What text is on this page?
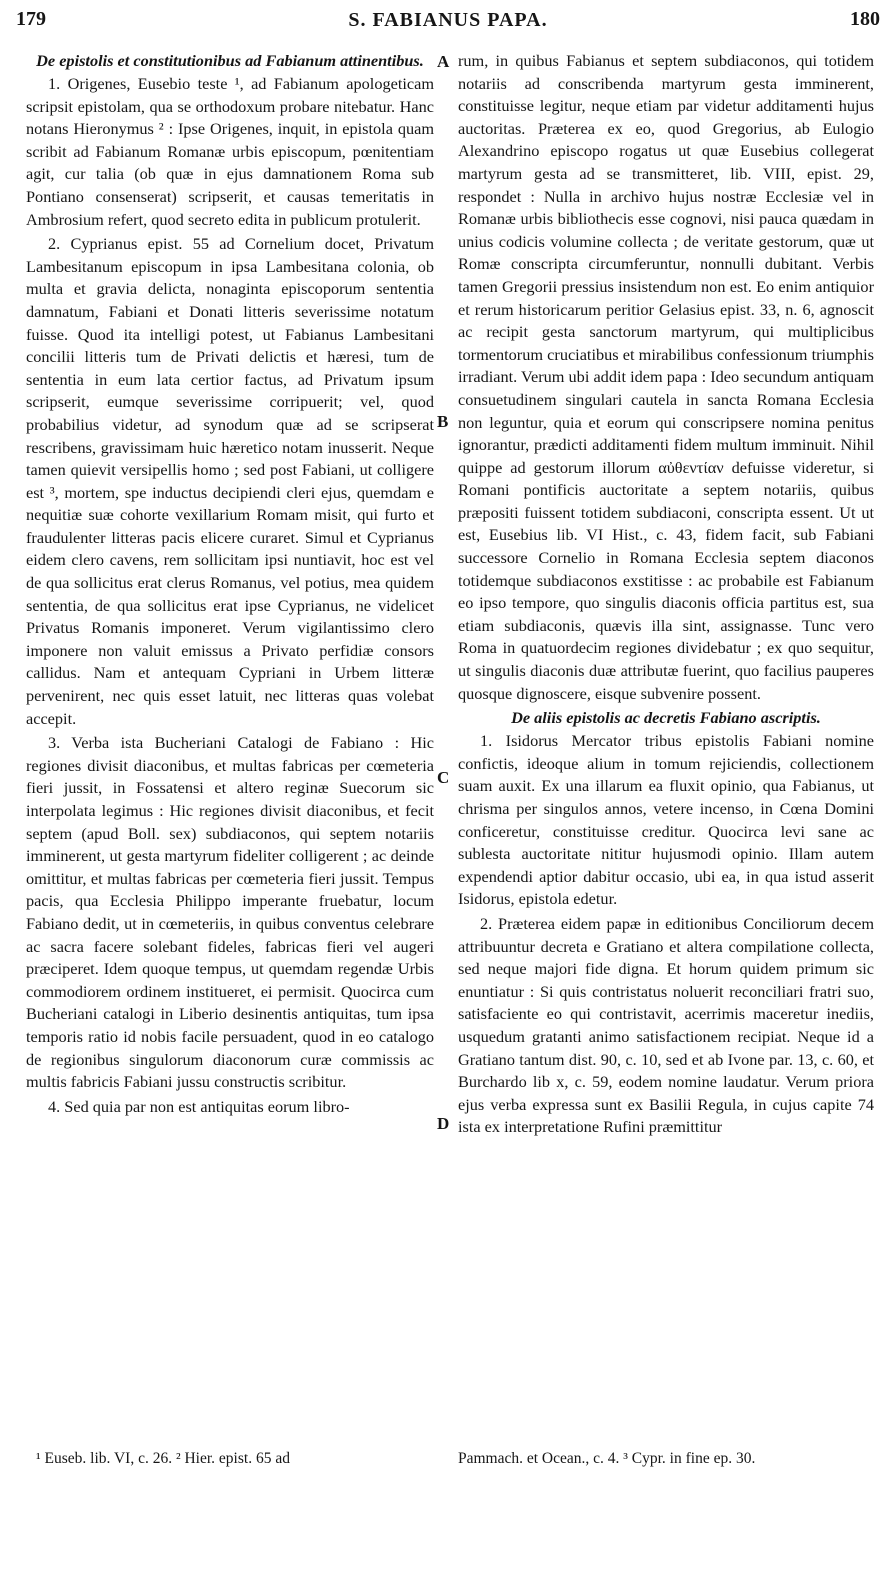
179	S. FABIANUS PAPA.	180
A
B
C
D
De epistolis et constitutionibus ad Fabianum attinentibus.

1. Origenes, Eusebio teste ¹, ad Fabianum apologeticam scripsit epistolam, qua se orthodoxum probare nitebatur. Hanc notans Hieronymus ² : Ipse Origenes, inquit, in epistola quam scribit ad Fabianum Romanæ urbis episcopum, pœnitentiam agit, cur talia (ob quæ in ejus damnationem Roma sub Pontiano consenserat) scripserit, et causas temeritatis in Ambrosium refert, quod secreto edita in publicum protulerit.

2. Cyprianus epist. 55 ad Cornelium docet, Privatum Lambesitanum episcopum in ipsa Lambesitana colonia, ob multa et gravia delicta, nonaginta episcoporum sententia damnatum, Fabiani et Donati litteris severissime notatum fuisse. Quod ita intelligi potest, ut Fabianus Lambesitani concilii litteris tum de Privati delictis et hæresi, tum de sententia in eum lata certior factus, ad Privatum ipsum scripserit, eumque severissime corripuerit; vel, quod probabilius videtur, ad synodum quæ ad se scripserat rescribens, gravissimam huic hæretico notam inusserit. Neque tamen quievit versipellis homo ; sed post Fabiani, ut colligere est ³, mortem, spe inductus decipiendi cleri ejus, quemdam e nequitiæ suæ cohorte vexillarium Romam misit, qui furto et fraudulenter litteras pacis elicere curaret. Simul et Cyprianus eidem clero cavens, rem sollicitam ipsi nuntiavit, hoc est vel de qua sollicitus erat clerus Romanus, vel potius, mea quidem sententia, de qua sollicitus erat ipse Cyprianus, ne videlicet Privatus Romanis imponeret. Verum vigilantissimo clero imponere non valuit emissus a Privato perfidiæ consors callidus. Nam et antequam Cypriani in Urbem litteræ pervenirent, nec quis esset latuit, nec litteras quas volebat accepit.

3. Verba ista Bucheriani Catalogi de Fabiano : Hic regiones divisit diaconibus, et multas fabricas per cœmeteria fieri jussit, in Fossatensi et altero reginæ Suecorum sic interpolata legimus : Hic regiones divisit diaconibus, et fecit septem (apud Boll. sex) subdiaconos, qui septem notariis imminerent, ut gesta martyrum fideliter colligerent ; ac deinde omittitur, et multas fabricas per cœmeteria fieri jussit. Tempus pacis, qua Ecclesia Philippo imperante fruebatur, locum Fabiano dedit, ut in cœmeteriis, in quibus conventus celebrare ac sacra facere solebant fideles, fabricas fieri vel augeri præciperet. Idem quoque tempus, ut quemdam regendæ Urbis commodiorem ordinem institueret, ei permisit. Quocirca cum Bucheriani catalogi in Liberio desinentis antiquitas, tum ipsa temporis ratio id nobis facile persuadent, quod in eo catalogo de regionibus singulorum diaconorum curæ commissis ac multis fabricis Fabiani jussu constructis scribitur.

4. Sed quia par non est antiquitas eorum libro-

rum, in quibus Fabianus et septem subdiaconos, qui totidem notariis ad conscribenda martyrum gesta imminerent, constituisse legitur, neque etiam par videtur additamenti hujus auctoritas. Præterea ex eo, quod Gregorius, ab Eulogio Alexandrino episcopo rogatus ut quæ Eusebius collegerat martyrum gesta ad se transmitteret, lib. VIII, epist. 29, respondet : Nulla in archivo hujus nostræ Ecclesiæ vel in Romanæ urbis bibliothecis esse cognovi, nisi pauca quædam in unius codicis volumine collecta ; de veritate gestorum, quæ ut Romæ conscripta circumferuntur, nonnulli dubitant. Verbis tamen Gregorii pressius insistendum non est. Eo enim antiquior et rerum historicarum peritior Gelasius epist. 33, n. 6, agnoscit ac recipit gesta sanctorum martyrum, qui multiplicibus tormentorum cruciatibus et mirabilibus confessionum triumphis irradiant. Verum ubi addit idem papa : Ideo secundum antiquam consuetudinem singulari cautela in sancta Romana Ecclesia non leguntur, quia et eorum qui conscripsere nomina penitus ignorantur, prædicti additamenti fidem multum imminuit. Nihil quippe ad gestorum illorum αὐθεντίαν defuisse videretur, si Romani pontificis auctoritate a septem notariis, quibus præpositi fuissent totidem subdiaconi, conscripta essent. Ut ut est, Eusebius lib. VI Hist., c. 43, fidem facit, sub Fabiani successore Cornelio in Romana Ecclesia septem diaconos totidemque subdiaconos exstitisse : ac probabile est Fabianum eo ipso tempore, quo singulis diaconis officia partitus est, sua etiam subdiaconis, quævis illa sint, assignasse. Tunc vero Roma in quatuordecim regiones dividebatur ; ex quo sequitur, ut singulis diaconis duæ attributæ fuerint, quo facilius pauperes quosque dignoscere, eisque subvenire possent.

De aliis epistolis ac decretis Fabiano ascriptis.

1. Isidorus Mercator tribus epistolis Fabiani nomine confictis, ideoque alium in tomum rejiciendis, collectionem suam auxit. Ex una illarum ea fluxit opinio, qua Fabianus, ut chrisma per singulos annos, vetere incenso, in Cœna Domini conficeretur, constituisse creditur. Quocirca levi sane ac sublesta auctoritate nititur hujusmodi opinio. Illam autem expendendi aptior dabitur occasio, ubi ea, in qua istud asserit Isidorus, epistola edetur.

2. Præterea eidem papæ in editionibus Conciliorum decem attribuuntur decreta e Gratiano et altera compilatione collecta, sed neque majori fide digna. Et horum quidem primum sic enuntiatur : Si quis contristatus noluerit reconciliari fratri suo, satisfaciente eo qui contristavit, acerrimis maceretur inediis, usquedum gratanti animo satisfactionem recipiat. Neque id a Gratiano tantum dist. 90, c. 10, sed et ab Ivone par. 13, c. 60, et Burchardo lib x, c. 59, eodem nomine laudatur. Verum priora ejus verba expressa sunt ex Basilii Regula, in cujus capite 74 ista ex interpretatione Rufini præmittitur

¹ Euseb. lib. VI, c. 26. ² Hier. epist. 65 ad	Pammach. et Ocean., c. 4. ³ Cypr. in fine ep. 30.
